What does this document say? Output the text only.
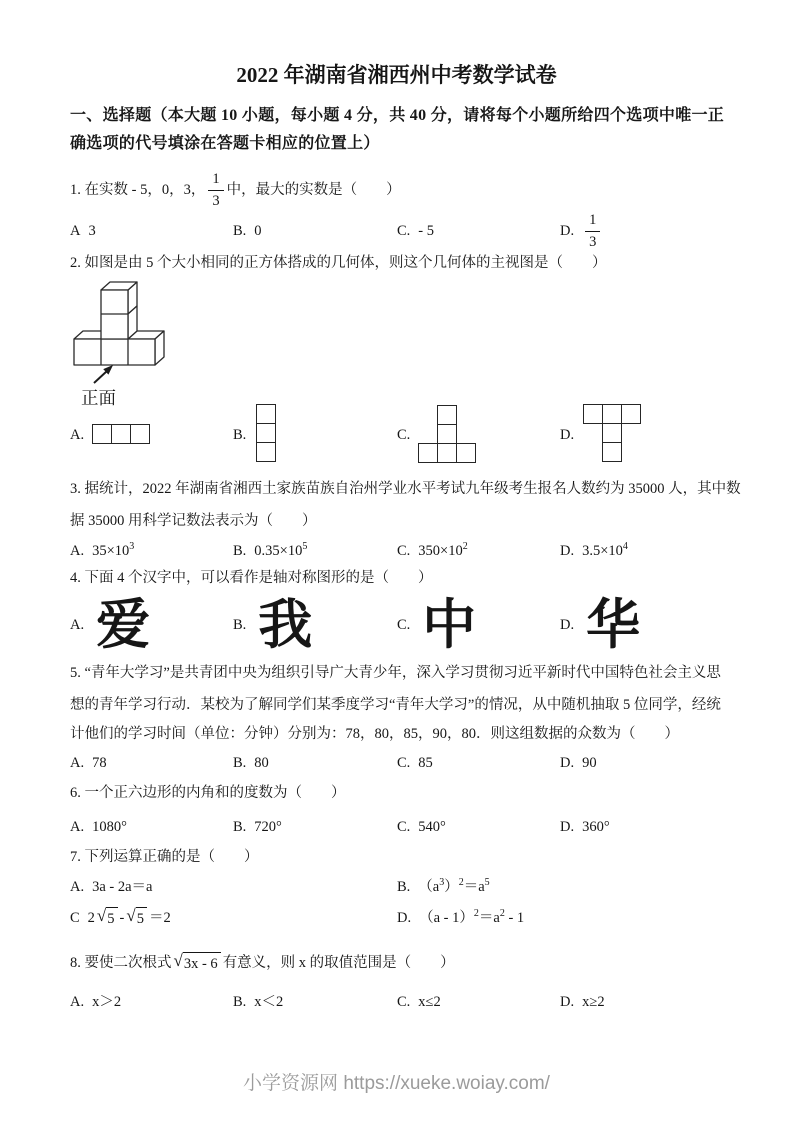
2022 年湖南省湘西州中考数学试卷
一、选择题（本大题 10 小题，每小题 4 分，共 40 分，请将每个小题所给四个选项中唯一正
确选项的代号填涂在答题卡相应的位置上）
1. 在实数 - 5，0，3， $\frac{1}{3}$ 中，最大的实数是（　　）
A 3	B. 0	C. - 5	D. $\frac{1}{3}$
2. 如图是由 5 个大小相同的正方体搭成的几何体，则这个几何体的主视图是（　　）
正面
A.	B.	C.	D.
3. 据统计，2022 年湖南省湘西土家族苗族自治州学业水平考试九年级考生报名人数约为 35000 人，其中数
据 35000 用科学记数法表示为（　　）
A. $35\times 10^3$	B. $0.35\times 10^5$	C. $350\times 10^2$	D. $3.5\times 10^4$
4. 下面 4 个汉字中，可以看作是轴对称图形的是（　　）
A. 爱	B. 我	C. 中	D. 华
5. “青年大学习”是共青团中央为组织引导广大青少年，深入学习贯彻习近平新时代中国特色社会主义思
想的青年学习行动．某校为了解同学们某季度学习“青年大学习”的情况，从中随机抽取 5 位同学，经统
计他们的学习时间（单位：分钟）分别为：78，80，85，90，80．则这组数据的众数为（　　）
A. 78	B. 80	C. 85	D. 90
6. 一个正六边形的内角和的度数为（　　）
A. 1080°	B. 720°	C. 540°	D. 360°
7. 下列运算正确的是（　　）
A. 3a - 2a＝a	B. $(a^3)^2=a^5$
C 2 √ 5 - √ 5 ＝2	D. $(a - 1)^2=a^2 - 1$
8. 要使二次根式 √ 3x - 6 有意义，则 x 的取值范围是（　　）
A. x＞2	B. x＜2	C. x≤2	D. x≥2
小学资源网 https://xueke.woiay.com/
